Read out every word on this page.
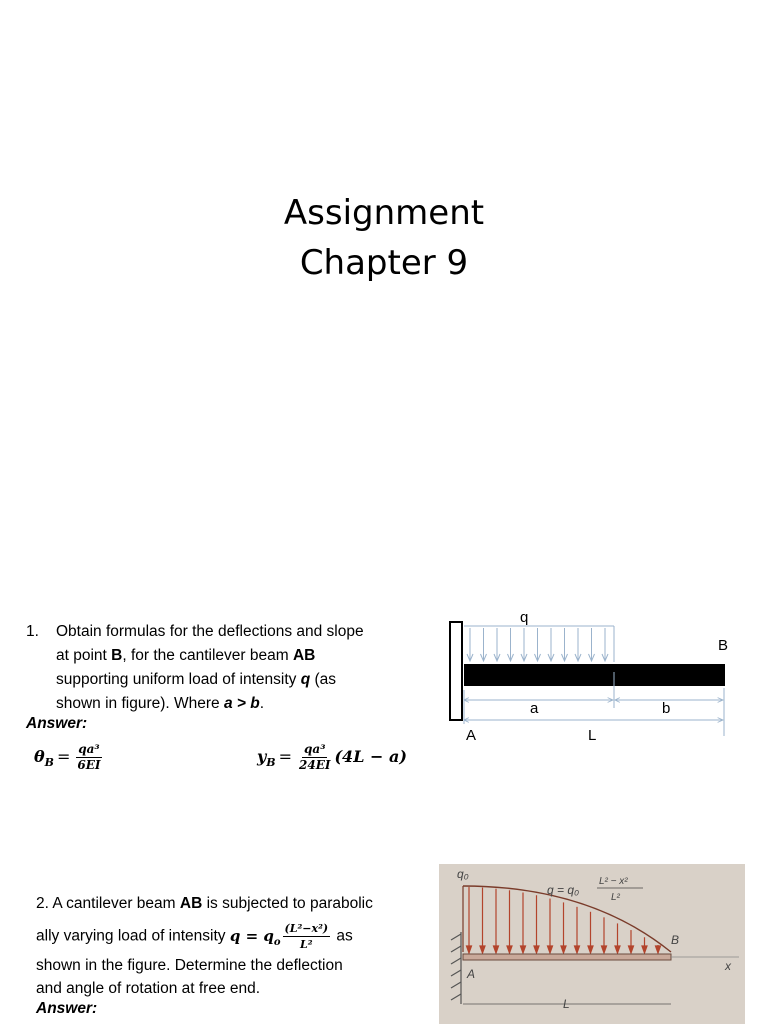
Assignment
Chapter 9
1. Obtain formulas for the deflections and slope
at point B, for the cantilever beam AB
supporting uniform load of intensity q (as
shown in figure). Where a > b.
Answer:
$\theta_B = \frac{\text{qa³}}{6EI}$	$y_B = \frac{\text{qa³}}{24EI} (4L - a)$
q
B
a	b
A	L
2. A cantilever beam AB is subjected to parabolic
ally varying load of intensity $q = q_o \frac{\text{(L²−x²)}}{\text{L²}}$ as
shown in the figure. Determine the deflection
and angle of rotation at free end.
Answer:
q₀
q = q₀
L² − x²
L²
B
A
x
L
